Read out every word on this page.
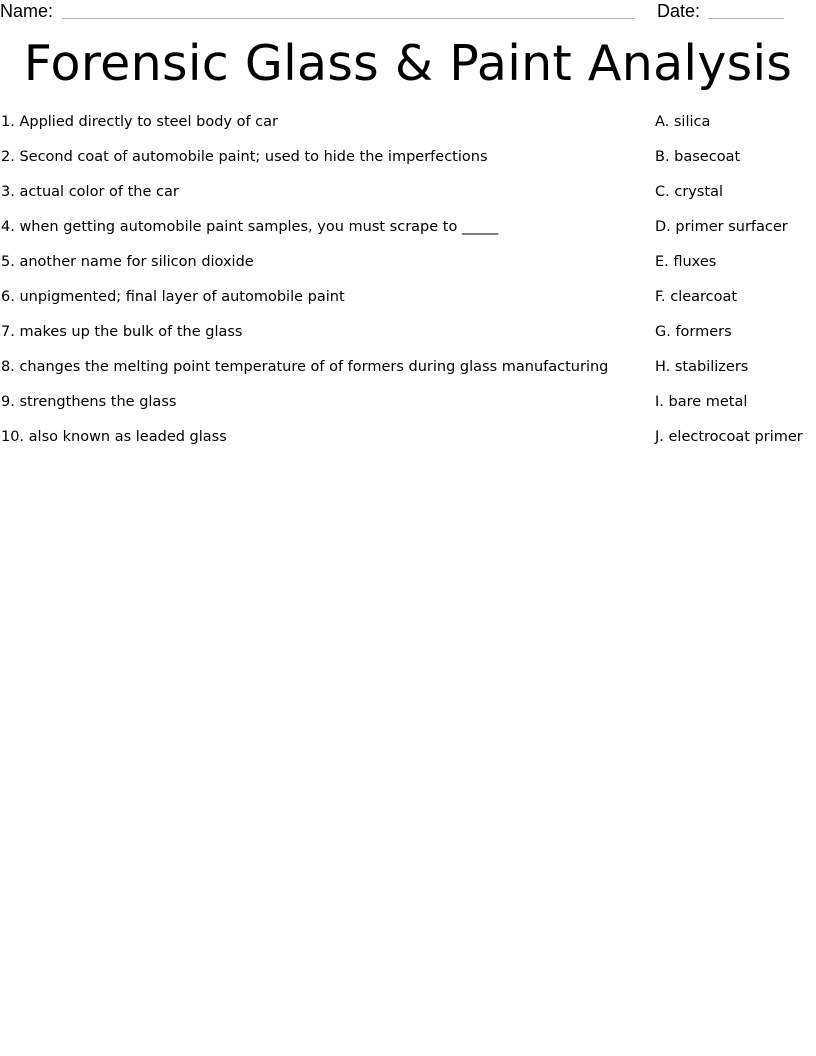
Name:	Date:
Forensic Glass & Paint Analysis
1. Applied directly to steel body of car
2. Second coat of automobile paint; used to hide the imperfections
3. actual color of the car
4. when getting automobile paint samples, you must scrape to _____
5. another name for silicon dioxide
6. unpigmented; final layer of automobile paint
7. makes up the bulk of the glass
8. changes the melting point temperature of of formers during glass manufacturing
9. strengthens the glass
10. also known as leaded glass
A. silica
B. basecoat
C. crystal
D. primer surfacer
E. fluxes
F. clearcoat
G. formers
H. stabilizers
I. bare metal
J. electrocoat primer
